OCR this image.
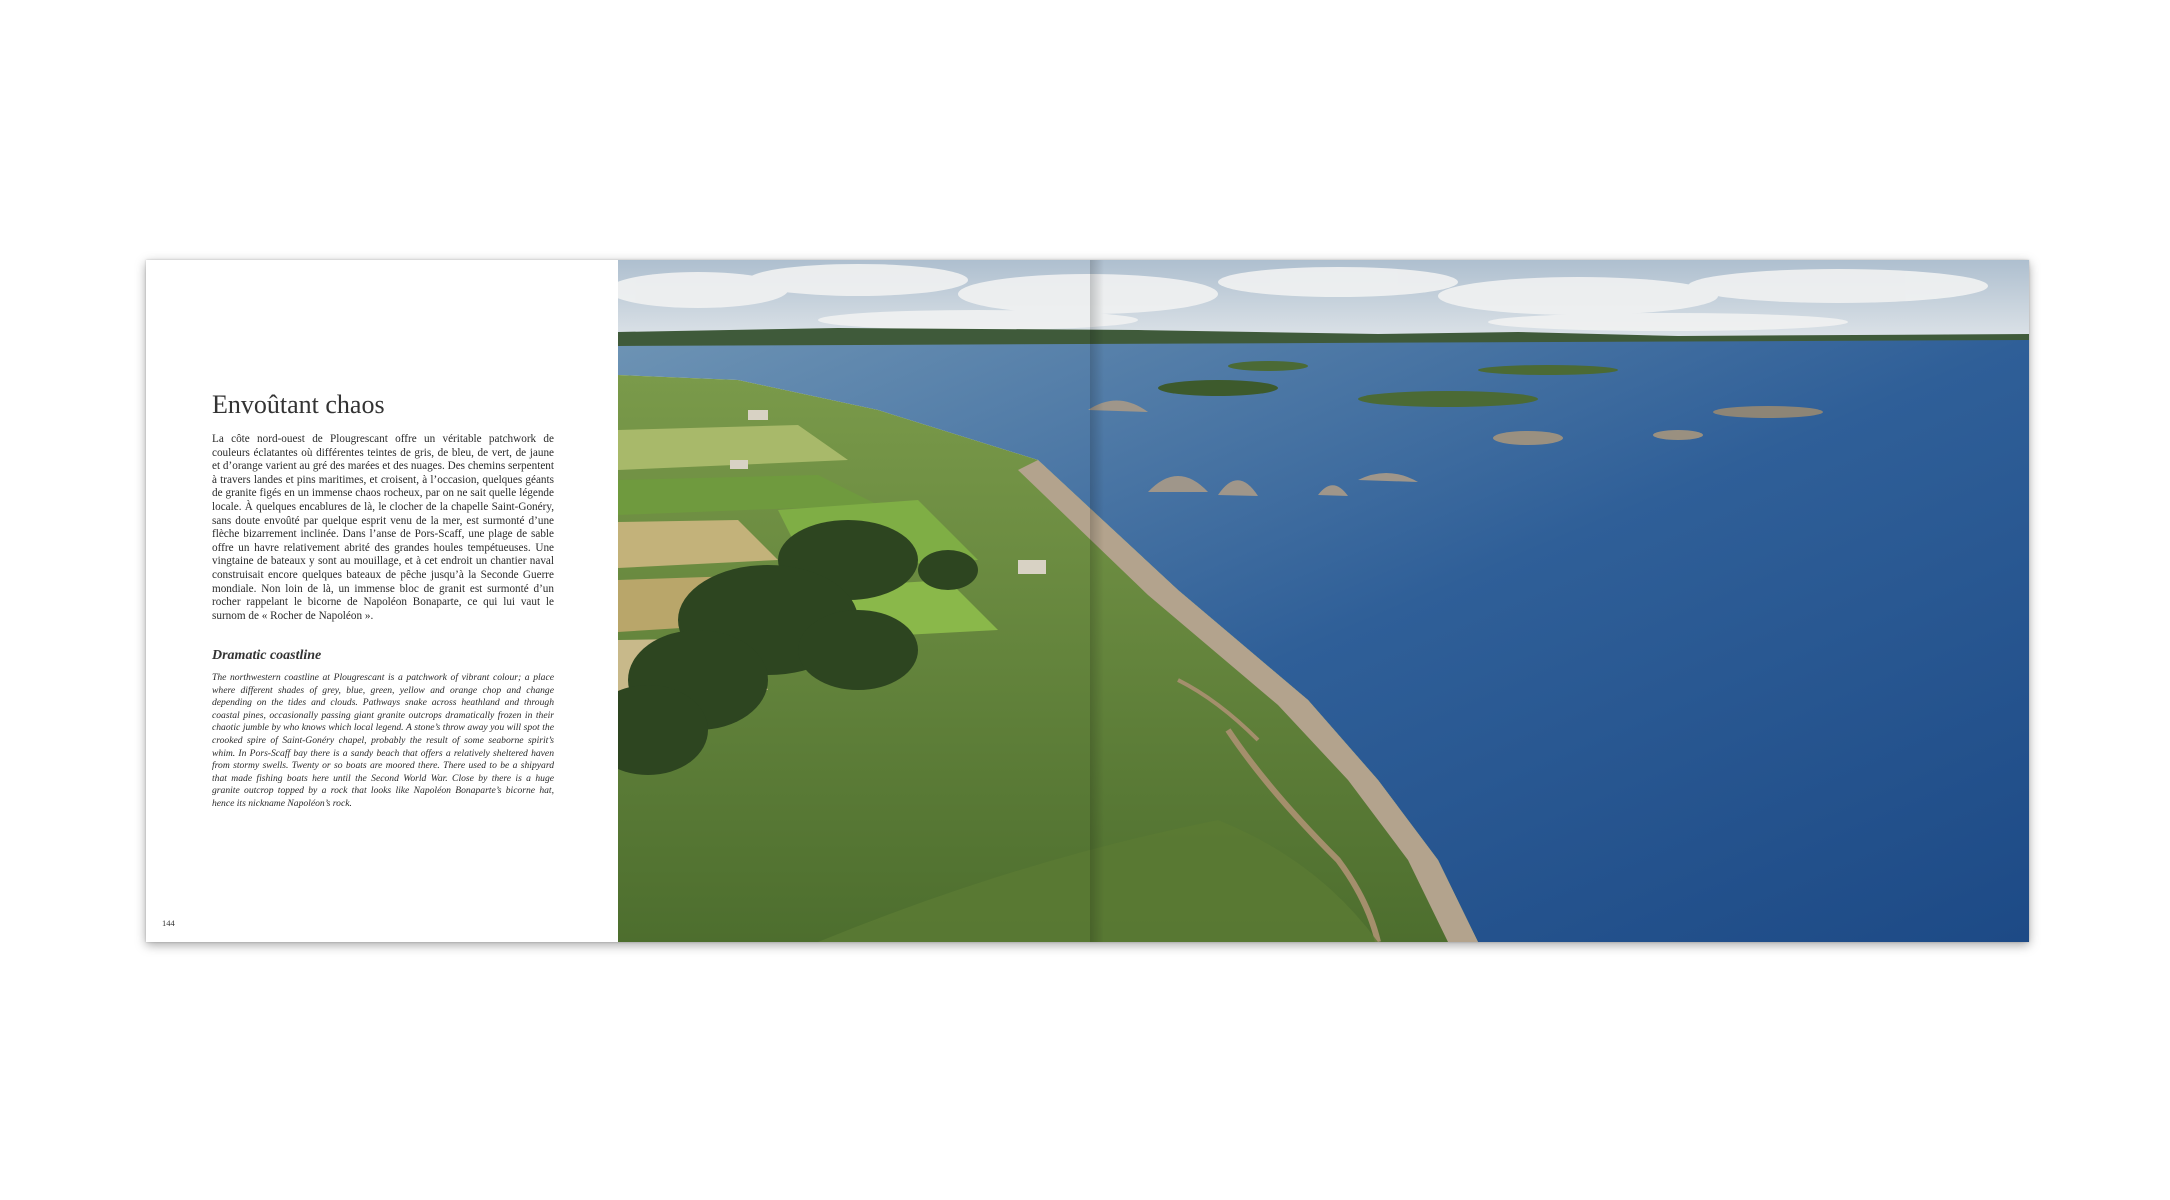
Envoûtant chaos

La côte nord-ouest de Plougrescant offre un véritable patchwork de couleurs éclatantes où différentes teintes de gris, de bleu, de vert, de jaune et d’orange varient au gré des marées et des nuages. Des chemins serpentent à travers landes et pins maritimes, et croisent, à l’occasion, quelques géants de granite figés en un immense chaos rocheux, par on ne sait quelle légende locale. À quelques encablures de là, le clocher de la chapelle Saint-Gonéry, sans doute envoûté par quelque esprit venu de la mer, est surmonté d’une flèche bizarrement inclinée. Dans l’anse de Pors-Scaff, une plage de sable offre un havre relativement abrité des grandes houles tempétueuses. Une vingtaine de bateaux y sont au mouillage, et à cet endroit un chantier naval construisait encore quelques bateaux de pêche jusqu’à la Seconde Guerre mondiale. Non loin de là, un immense bloc de granit est surmonté d’un rocher rappelant le bicorne de Napoléon Bonaparte, ce qui lui vaut le surnom de « Rocher de Napoléon ».

Dramatic coastline

The northwestern coastline at Plougrescant is a patchwork of vibrant colour; a place where different shades of grey, blue, green, yellow and orange chop and change depending on the tides and clouds. Pathways snake across heathland and through coastal pines, occasionally passing giant granite outcrops dramatically frozen in their chaotic jumble by who knows which local legend. A stone’s throw away you will spot the crooked spire of Saint-Gonéry chapel, probably the result of some seaborne spirit’s whim. In Pors-Scaff bay there is a sandy beach that offers a relatively sheltered haven from stormy swells. Twenty or so boats are moored there. There used to be a shipyard that made fishing boats here until the Second World War. Close by there is a huge granite outcrop topped by a rock that looks like Napoléon Bonaparte’s bicorne hat, hence its nickname Napoléon’s rock.

144
